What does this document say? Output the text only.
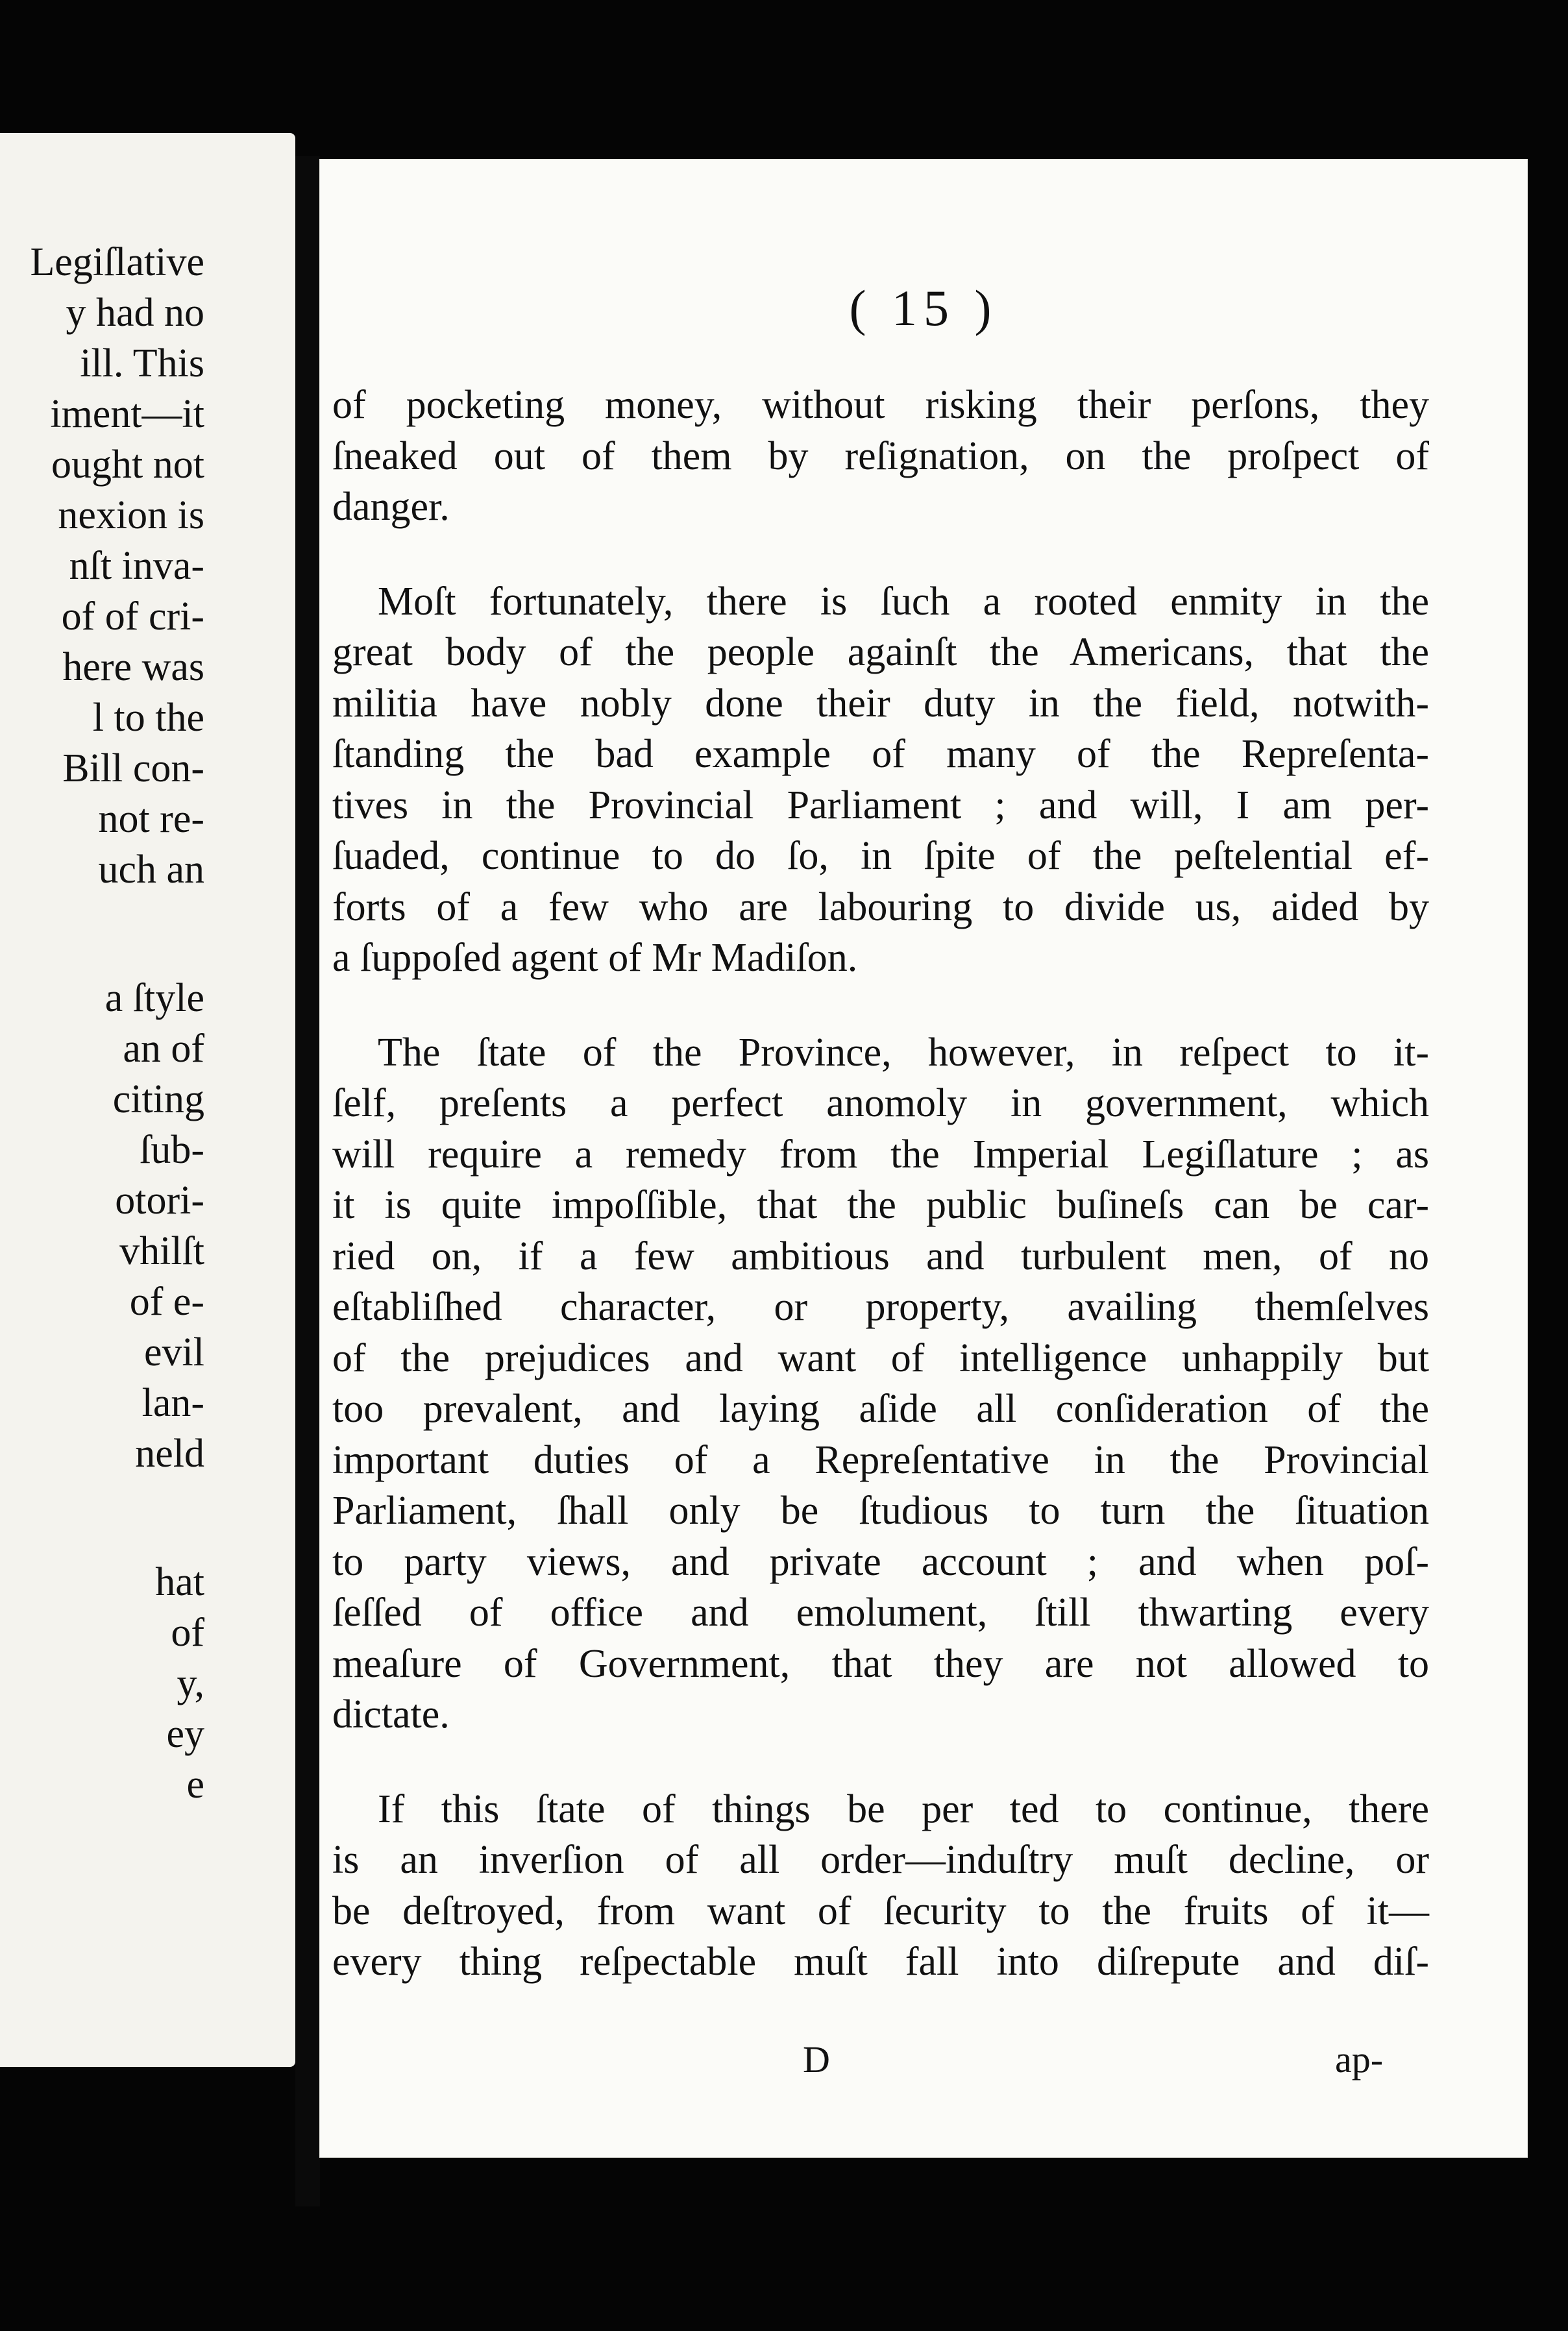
Legiſlative
y had no
ill. This
iment—it
ought not
nexion is
nſt inva-
of of cri-
here was
l to the
Bill con-
not re-
uch an
a ſtyle
an of
citing
ſub-
otori-
vhilſt
of e-
evil
lan-
neld
hat
of
y,
ey
e
( 15 )
of pocketing money, without risking their perſons, they
ſneaked out of them by reſignation, on the proſpect of
danger.
Moſt fortunately, there is ſuch a rooted enmity in the
great body of the people againſt the Americans, that the
militia have nobly done their duty in the field, notwith-
ſtanding the bad example of many of the Repreſenta-
tives in the Provincial Parliament ; and will, I am per-
ſuaded, continue to do ſo, in ſpite of the peſtelential ef-
forts of a few who are labouring to divide us, aided by
a ſuppoſed agent of Mr Madiſon.
The ſtate of the Province, however, in reſpect to it-
ſelf, preſents a perfect anomoly in government, which
will require a remedy from the Imperial Legiſlature ; as
it is quite impoſſible, that the public buſineſs can be car-
ried on, if a few ambitious and turbulent men, of no
eſtabliſhed character, or property, availing themſelves
of the prejudices and want of intelligence unhappily but
too prevalent, and laying aſide all conſideration of the
important duties of a Repreſentative in the Provincial
Parliament, ſhall only be ſtudious to turn the ſituation
to party views, and private account ; and when poſ-
ſeſſed of office and emolument, ſtill thwarting every
meaſure of Government, that they are not allowed to
dictate.
If this ſtate of things be per ted to continue, there
is an inverſion of all order—induſtry muſt decline, or
be deſtroyed, from want of ſecurity to the fruits of it—
every thing reſpectable muſt fall into diſrepute and diſ-
D	ap-
